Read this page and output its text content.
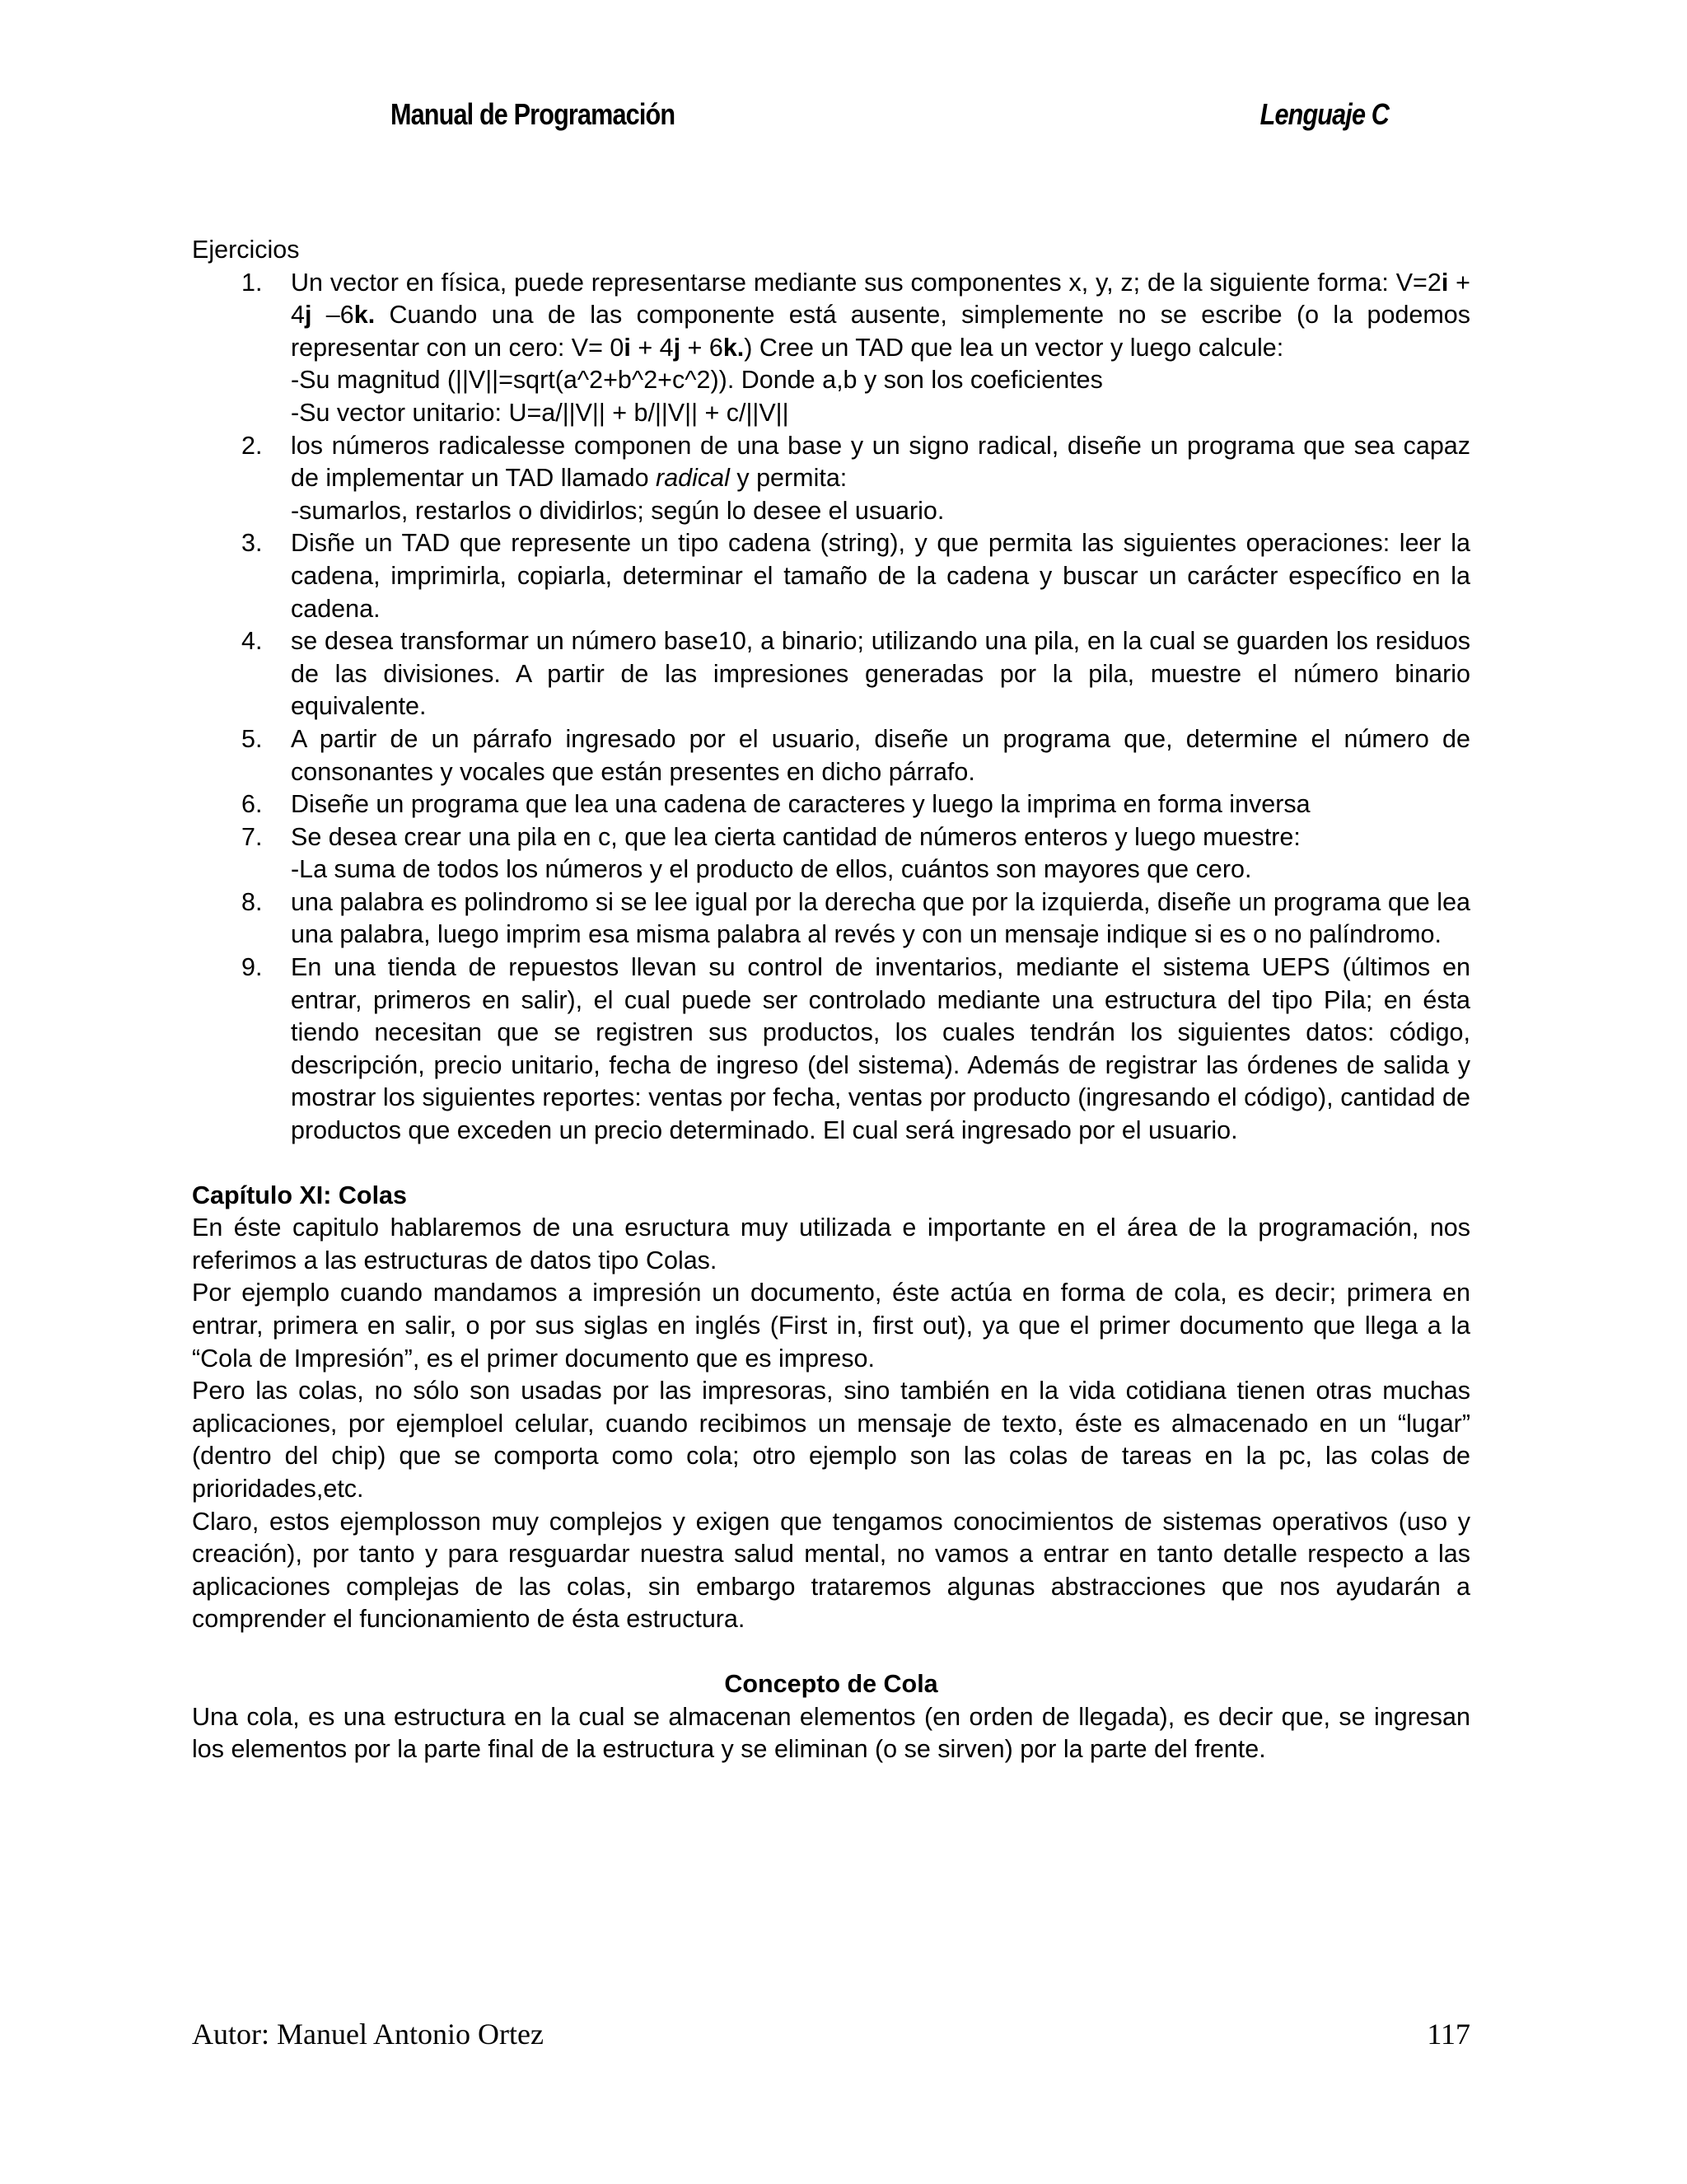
Manual de Programación	Lenguaje C

Ejercicios

1. Un vector en física, puede representarse mediante sus componentes x, y, z; de la siguiente forma: V=2i + 4j –6k. Cuando una de las componente está ausente, simplemente no se escribe (o la podemos representar con un cero: V= 0i + 4j + 6k.) Cree un TAD que lea un vector y luego calcule:
-Su magnitud (||V||=sqrt(a^2+b^2+c^2)). Donde a,b y son los coeficientes
-Su vector unitario: U=a/||V|| + b/||V|| + c/||V||
2. los números radicalesse componen de una base y un signo radical, diseñe un programa que sea capaz de implementar un TAD llamado radical y permita:
-sumarlos, restarlos o dividirlos; según lo desee el usuario.
3. Disñe un TAD que represente un tipo cadena (string), y que permita las siguientes operaciones: leer la cadena, imprimirla, copiarla, determinar el tamaño de la cadena y buscar un carácter específico en la cadena.
4. se desea transformar un número base10, a binario; utilizando una pila, en la cual se guarden los residuos de las divisiones. A partir de las impresiones generadas por la pila, muestre el número binario equivalente.
5. A partir de un párrafo ingresado por el usuario, diseñe un programa que, determine el número de consonantes y vocales que están presentes en dicho párrafo.
6. Diseñe un programa que lea una cadena de caracteres y luego la imprima en forma inversa
7. Se desea crear una pila en c, que lea cierta cantidad de números enteros y luego muestre:
-La suma de todos los números y el producto de ellos, cuántos son mayores que cero.
8. una palabra es polindromo si se lee igual por la derecha que por la izquierda, diseñe un programa que lea una palabra, luego imprim esa misma palabra al revés y con un mensaje indique si es o no palíndromo.
9. En una tienda de repuestos llevan su control de inventarios, mediante el sistema UEPS (últimos en entrar, primeros en salir), el cual puede ser controlado mediante una estructura del tipo Pila; en ésta tiendo necesitan que se registren sus productos, los cuales tendrán los siguientes datos: código, descripción, precio unitario, fecha de ingreso (del sistema). Además de registrar las órdenes de salida y mostrar los siguientes reportes: ventas por fecha, ventas por producto (ingresando el código), cantidad de productos que exceden un precio determinado. El cual será ingresado por el usuario.

Capítulo XI: Colas

En éste capitulo hablaremos de una esructura muy utilizada e importante en el área de la programación, nos referimos a las estructuras de datos tipo Colas.

Por ejemplo cuando mandamos a impresión un documento, éste actúa en forma de cola, es decir; primera en entrar, primera en salir, o por sus siglas en inglés (First in, first out), ya que el primer documento que llega a la “Cola de Impresión”, es el primer documento que es impreso.

Pero las colas, no sólo son usadas por las impresoras, sino también en la vida cotidiana tienen otras muchas aplicaciones, por ejemploel celular, cuando recibimos un mensaje de texto, éste es almacenado en un “lugar” (dentro del chip) que se comporta como cola; otro ejemplo son las colas de tareas en la pc, las colas de prioridades,etc.

Claro, estos ejemplosson muy complejos y exigen que tengamos conocimientos de sistemas operativos (uso y creación), por tanto y para resguardar nuestra salud mental, no vamos a entrar en tanto detalle respecto a las aplicaciones complejas de las colas, sin embargo trataremos algunas abstracciones que nos ayudarán a comprender el funcionamiento de ésta estructura.

Concepto de Cola

Una cola, es una estructura en la cual se almacenan elementos (en orden de llegada), es decir que, se ingresan los elementos por la parte final de la estructura y se eliminan (o se sirven) por la parte del frente.

Autor: Manuel Antonio Ortez	117
